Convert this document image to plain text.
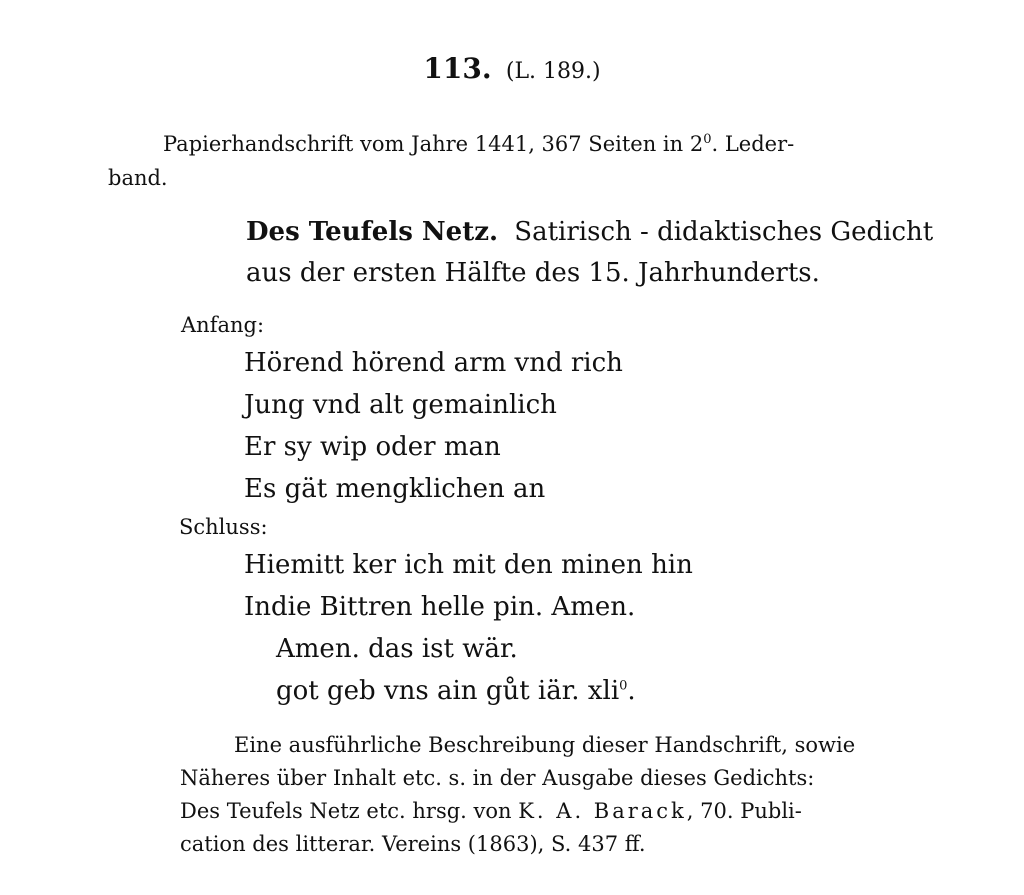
113. (L. 189.)
Papierhandschrift vom Jahre 1441, 367 Seiten in $2^0$. Leder-
band.
Des Teufels Netz. Satirisch - didaktisches Gedicht
aus der ersten Hälfte des 15. Jahrhunderts.
Anfang:
Hörend hörend arm vnd rich
Jung vnd alt gemainlich
Er sy wip oder man
Es gät mengklichen an
Schluss:
Hiemitt ker ich mit den minen hin
Indie Bittren helle pin. Amen.
Amen. das ist wär.
got geb vns ain gůt iär. xli$^0$.
Eine ausführliche Beschreibung dieser Handschrift, sowie
Näheres über Inhalt etc. s. in der Ausgabe dieses Gedichts:
Des Teufels Netz etc. hrsg. von K. A. Barack, 70. Publi-
cation des litterar. Vereins (1863), S. 437 ff.
